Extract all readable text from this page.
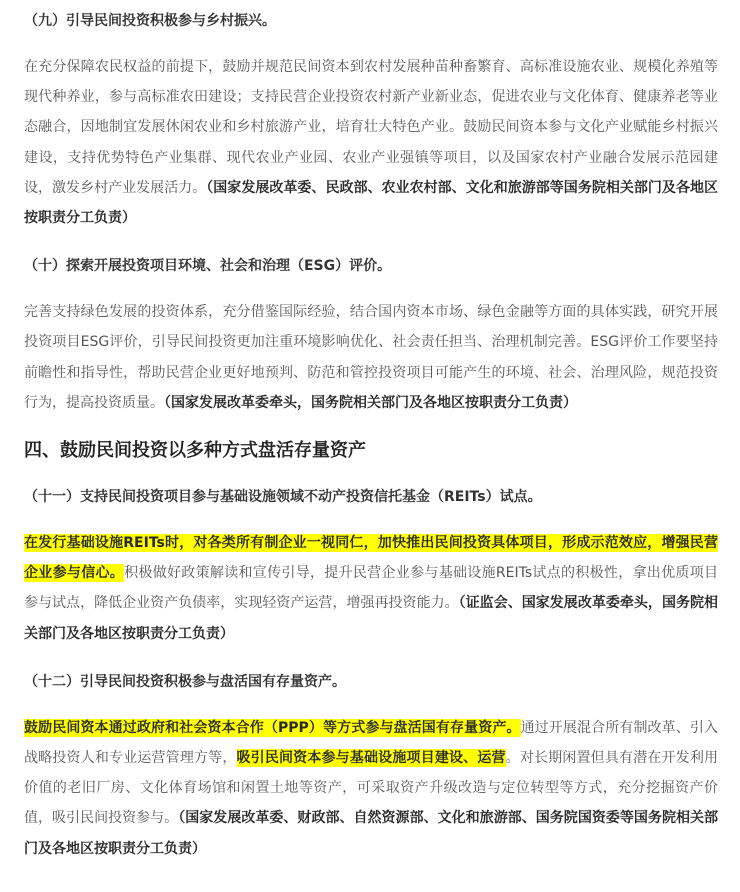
（九）引导民间投资积极参与乡村振兴。

在充分保障农民权益的前提下，鼓励并规范民间资本到农村发展种苗种畜繁育、高标准设施农业、规模化养殖等现代种养业，参与高标准农田建设；支持民营企业投资农村新产业新业态，促进农业与文化体育、健康养老等业态融合，因地制宜发展休闲农业和乡村旅游产业，培育壮大特色产业。鼓励民间资本参与文化产业赋能乡村振兴建设，支持优势特色产业集群、现代农业产业园、农业产业强镇等项目，以及国家农村产业融合发展示范园建设，激发乡村产业发展活力。（国家发展改革委、民政部、农业农村部、文化和旅游部等国务院相关部门及各地区按职责分工负责）

（十）探索开展投资项目环境、社会和治理（ESG）评价。

完善支持绿色发展的投资体系，充分借鉴国际经验，结合国内资本市场、绿色金融等方面的具体实践，研究开展投资项目ESG评价，引导民间投资更加注重环境影响优化、社会责任担当、治理机制完善。ESG评价工作要坚持前瞻性和指导性，帮助民营企业更好地预判、防范和管控投资项目可能产生的环境、社会、治理风险，规范投资行为，提高投资质量。（国家发展改革委牵头，国务院相关部门及各地区按职责分工负责）

四、鼓励民间投资以多种方式盘活存量资产

（十一）支持民间投资项目参与基础设施领域不动产投资信托基金（REITs）试点。

在发行基础设施REITs时，对各类所有制企业一视同仁，加快推出民间投资具体项目，形成示范效应，增强民营企业参与信心。积极做好政策解读和宣传引导，提升民营企业参与基础设施REITs试点的积极性，拿出优质项目参与试点，降低企业资产负债率，实现轻资产运营，增强再投资能力。（证监会、国家发展改革委牵头，国务院相关部门及各地区按职责分工负责）

（十二）引导民间投资积极参与盘活国有存量资产。

鼓励民间资本通过政府和社会资本合作（PPP）等方式参与盘活国有存量资产。通过开展混合所有制改革、引入战略投资人和专业运营管理方等，吸引民间资本参与基础设施项目建设、运营。对长期闲置但具有潜在开发利用价值的老旧厂房、文化体育场馆和闲置土地等资产，可采取资产升级改造与定位转型等方式，充分挖掘资产价值，吸引民间投资参与。（国家发展改革委、财政部、自然资源部、文化和旅游部、国务院国资委等国务院相关部门及各地区按职责分工负责）
